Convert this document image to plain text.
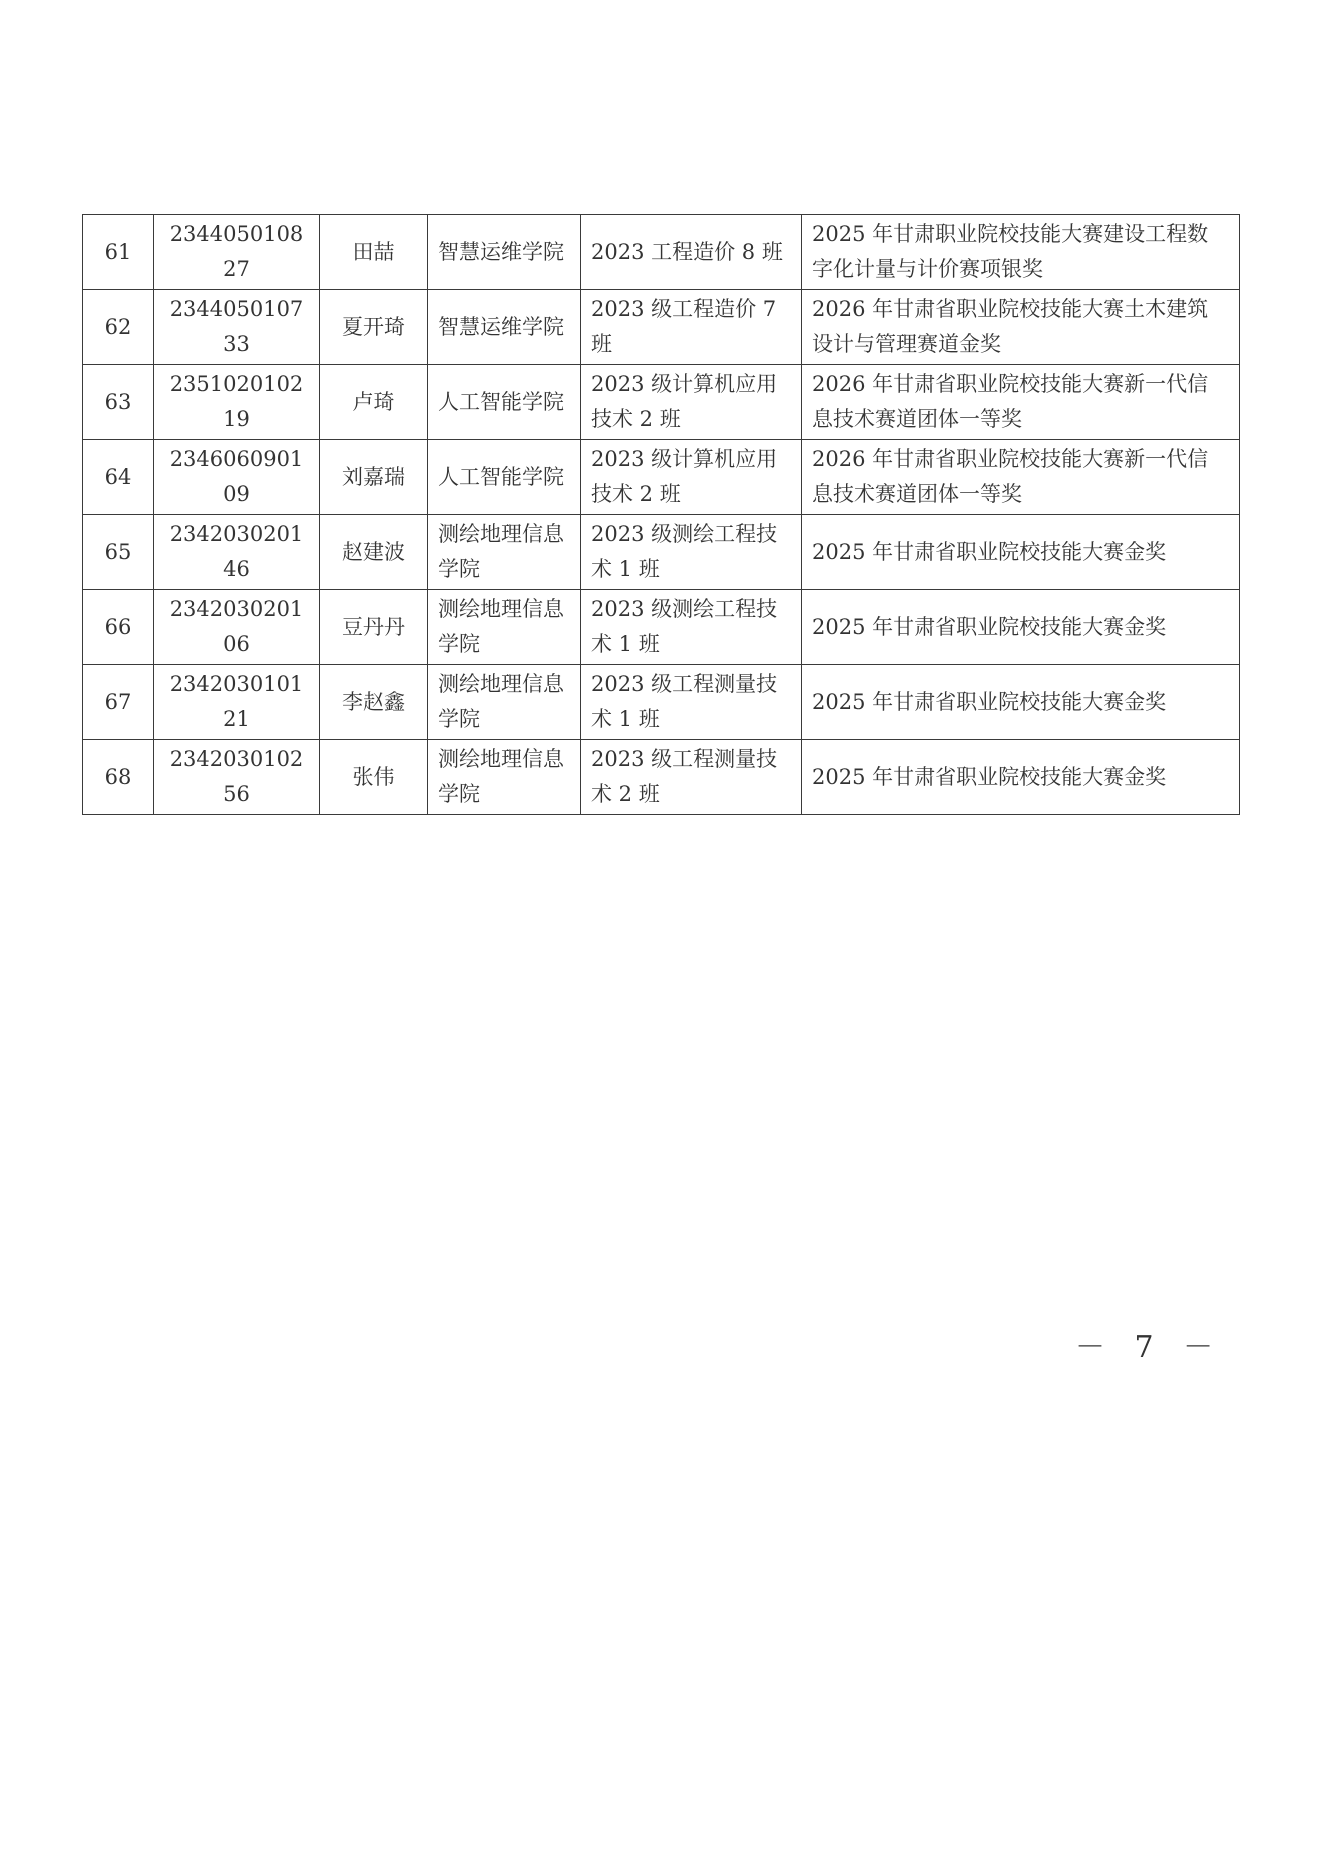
61	234405010827	田喆	智慧运维学院	2023 工程造价 8 班	2025 年甘肃职业院校技能大赛建设工程数字化计量与计价赛项银奖
62	234405010733	夏开琦	智慧运维学院	2023 级工程造价 7 班	2026 年甘肃省职业院校技能大赛土木建筑设计与管理赛道金奖
63	235102010219	卢琦	人工智能学院	2023 级计算机应用技术 2 班	2026 年甘肃省职业院校技能大赛新一代信息技术赛道团体一等奖
64	234606090109	刘嘉瑞	人工智能学院	2023 级计算机应用技术 2 班	2026 年甘肃省职业院校技能大赛新一代信息技术赛道团体一等奖
65	234203020146	赵建波	测绘地理信息学院	2023 级测绘工程技术 1 班	2025 年甘肃省职业院校技能大赛金奖
66	234203020106	豆丹丹	测绘地理信息学院	2023 级测绘工程技术 1 班	2025 年甘肃省职业院校技能大赛金奖
67	234203010121	李赵鑫	测绘地理信息学院	2023 级工程测量技术 1 班	2025 年甘肃省职业院校技能大赛金奖
68	234203010256	张伟	测绘地理信息学院	2023 级工程测量技术 2 班	2025 年甘肃省职业院校技能大赛金奖
－ 7 －
